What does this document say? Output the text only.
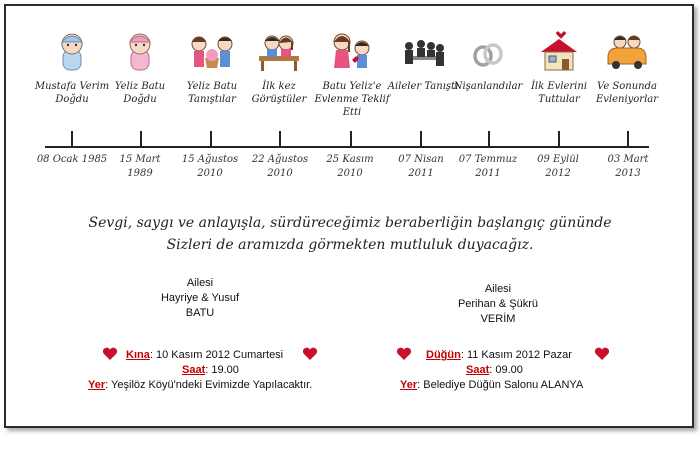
Mustafa Verim Doğdu
Yeliz Batu Doğdu
Yeliz Batu Tanıştılar
İlk kez Görüştüler
Batu Yeliz'e Evlenme Teklif Etti
Aileler Tanıştı
Nişanlandılar İlk Evlerini Tuttular
Ve Sonunda Evleniyorlar
08 Ocak 1985	15 Mart 1989
15 Ağustos 2010
22 Ağustos 2010
25 Kasım 2010
07 Nisan 2011
07 Temmuz 2011
09 Eylül 2012
03 Mart 2013
Sevgi, saygı ve anlayışla, sürdüreceğimiz beraberliğin başlangıç gününde
Sizleri de aramızda görmekten mutluluk duyacağız.
Ailesi
Hayriye & Yusuf
BATU
Ailesi
Perihan & Şükrü
VERİM
Kına: 10 Kasım 2012 Cumartesi
Saat: 19.00
Yer: Yeşilöz Köyü'ndeki Evimizde Yapılacaktır.
Düğün: 11 Kasım 2012 Pazar
Saat: 09.00
Yer: Belediye Düğün Salonu ALANYA
